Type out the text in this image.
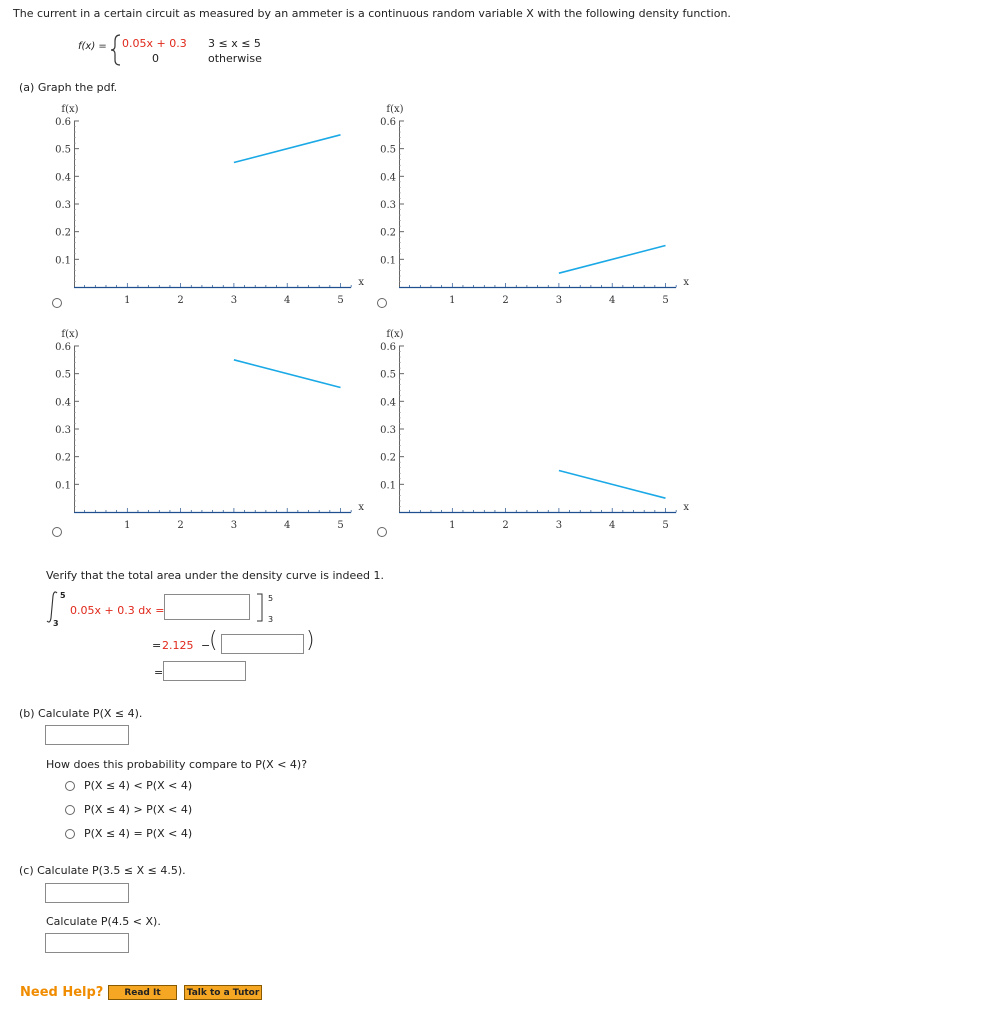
The current in a certain circuit as measured by an ammeter is a continuous random variable X with the following density function.
f(x) = 0.05x + 0.3 3 ≤ x ≤ 5
0	otherwise
(a) Graph the pdf.
0.6
0.5
0.4
0.3
0.2
0.1
1	2	3	4	5
f(x)
x
0.6
0.5
0.4
0.3
0.2
0.1
1	2	3	4	5
f(x)
x
0.6
0.5
0.4
0.3
0.2
0.1
1	2	3	4	5
f(x)
x
0.6
0.5
0.4
0.3
0.2
0.1
1	2	3	4	5
f(x)
x
Verify that the total area under the density curve is indeed 1.
5
3
0.05x + 0.3 dx =
5
3
= 2.125 −
(	)
=
(b) Calculate P(X ≤ 4).
How does this probability compare to P(X < 4)?
P(X ≤ 4) < P(X < 4)
P(X ≤ 4) > P(X < 4)
P(X ≤ 4) = P(X < 4)
(c) Calculate P(3.5 ≤ X ≤ 4.5).
Calculate P(4.5 < X).
Need Help? Read It	Talk to a Tutor
